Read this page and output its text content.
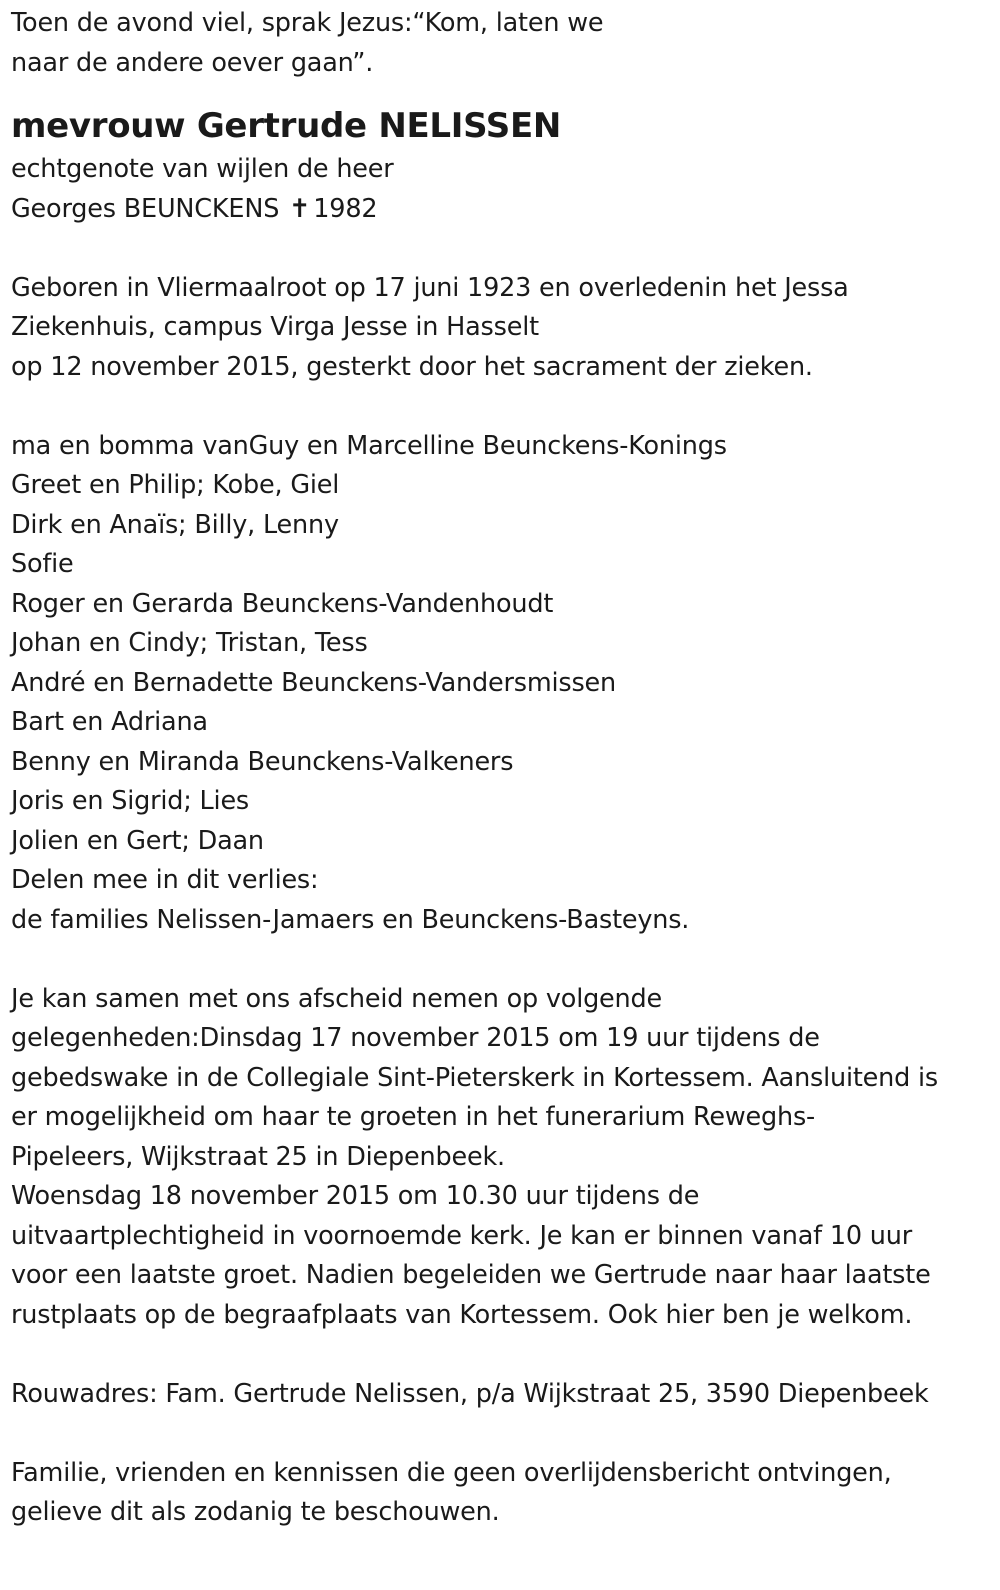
Toen de avond viel, sprak Jezus:“Kom, laten we
naar de andere oever gaan”.
mevrouw Gertrude NELISSEN
echtgenote van wijlen de heer
Georges BEUNCKENS ✝ 1982
Geboren in Vliermaalroot op 17 juni 1923 en overledenin het Jessa
Ziekenhuis, campus Virga Jesse in Hasselt
op 12 november 2015, gesterkt door het sacrament der zieken.
ma en bomma vanGuy en Marcelline Beunckens-Konings
Greet en Philip; Kobe, Giel
Dirk en Anaïs; Billy, Lenny
Sofie
Roger en Gerarda Beunckens-Vandenhoudt
Johan en Cindy; Tristan, Tess
André en Bernadette Beunckens-Vandersmissen
Bart en Adriana
Benny en Miranda Beunckens-Valkeners
Joris en Sigrid; Lies
Jolien en Gert; Daan
Delen mee in dit verlies:
de families Nelissen-Jamaers en Beunckens-Basteyns.
Je kan samen met ons afscheid nemen op volgende
gelegenheden:Dinsdag 17 november 2015 om 19 uur tijdens de
gebedswake in de Collegiale Sint-Pieterskerk in Kortessem. Aansluitend is
er mogelijkheid om haar te groeten in het funerarium Reweghs-
Pipeleers, Wijkstraat 25 in Diepenbeek.
Woensdag 18 november 2015 om 10.30 uur tijdens de
uitvaartplechtigheid in voornoemde kerk. Je kan er binnen vanaf 10 uur
voor een laatste groet. Nadien begeleiden we Gertrude naar haar laatste
rustplaats op de begraafplaats van Kortessem. Ook hier ben je welkom.
Rouwadres: Fam. Gertrude Nelissen, p/a Wijkstraat 25, 3590 Diepenbeek
Familie, vrienden en kennissen die geen overlijdensbericht ontvingen,
gelieve dit als zodanig te beschouwen.
